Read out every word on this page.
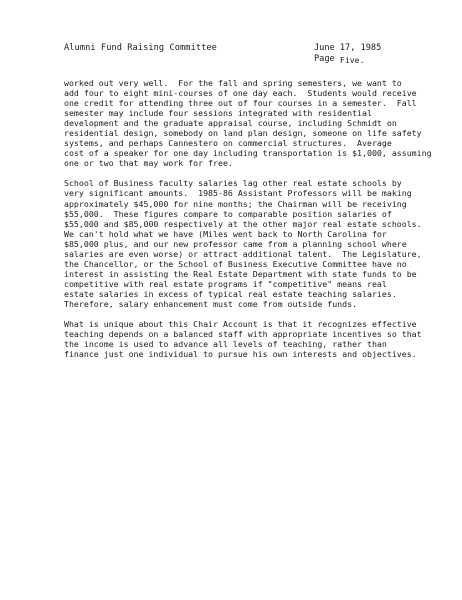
Alumni Fund Raising Committee	June 17, 1985
Page Five.
worked out very well.  For the fall and spring semesters, we want to
add four to eight mini-courses of one day each.  Students would receive
one credit for attending three out of four courses in a semester.  Fall
semester may include four sessions integrated with residential
development and the graduate appraisal course, including Schmidt on
residential design, somebody on land plan design, someone on life safety
systems, and perhaps Cannestero on commercial structures.  Average
cost of a speaker for one day including transportation is $1,000, assuming
one or two that may work for free.
School of Business faculty salaries lag other real estate schools by
very significant amounts.  1985-86 Assistant Professors will be making
approximately $45,000 for nine months; the Chairman will be receiving
$55,000.  These figures compare to comparable position salaries of
$55,000 and $85,000 respectively at the other major real estate schools.
We can't hold what we have (Miles went back to North Carolina for
$85,000 plus, and our new professor came from a planning school where
salaries are even worse) or attract additional talent.  The Legislature,
the Chancellor, or the School of Business Executive Committee have no
interest in assisting the Real Estate Department with state funds to be
competitive with real estate programs if "competitive" means real
estate salaries in excess of typical real estate teaching salaries.
Therefore, salary enhancement must come from outside funds.
What is unique about this Chair Account is that it recognizes effective
teaching depends on a balanced staff with appropriate incentives so that
the income is used to advance all levels of teaching, rather than
finance just one individual to pursue his own interests and objectives.
